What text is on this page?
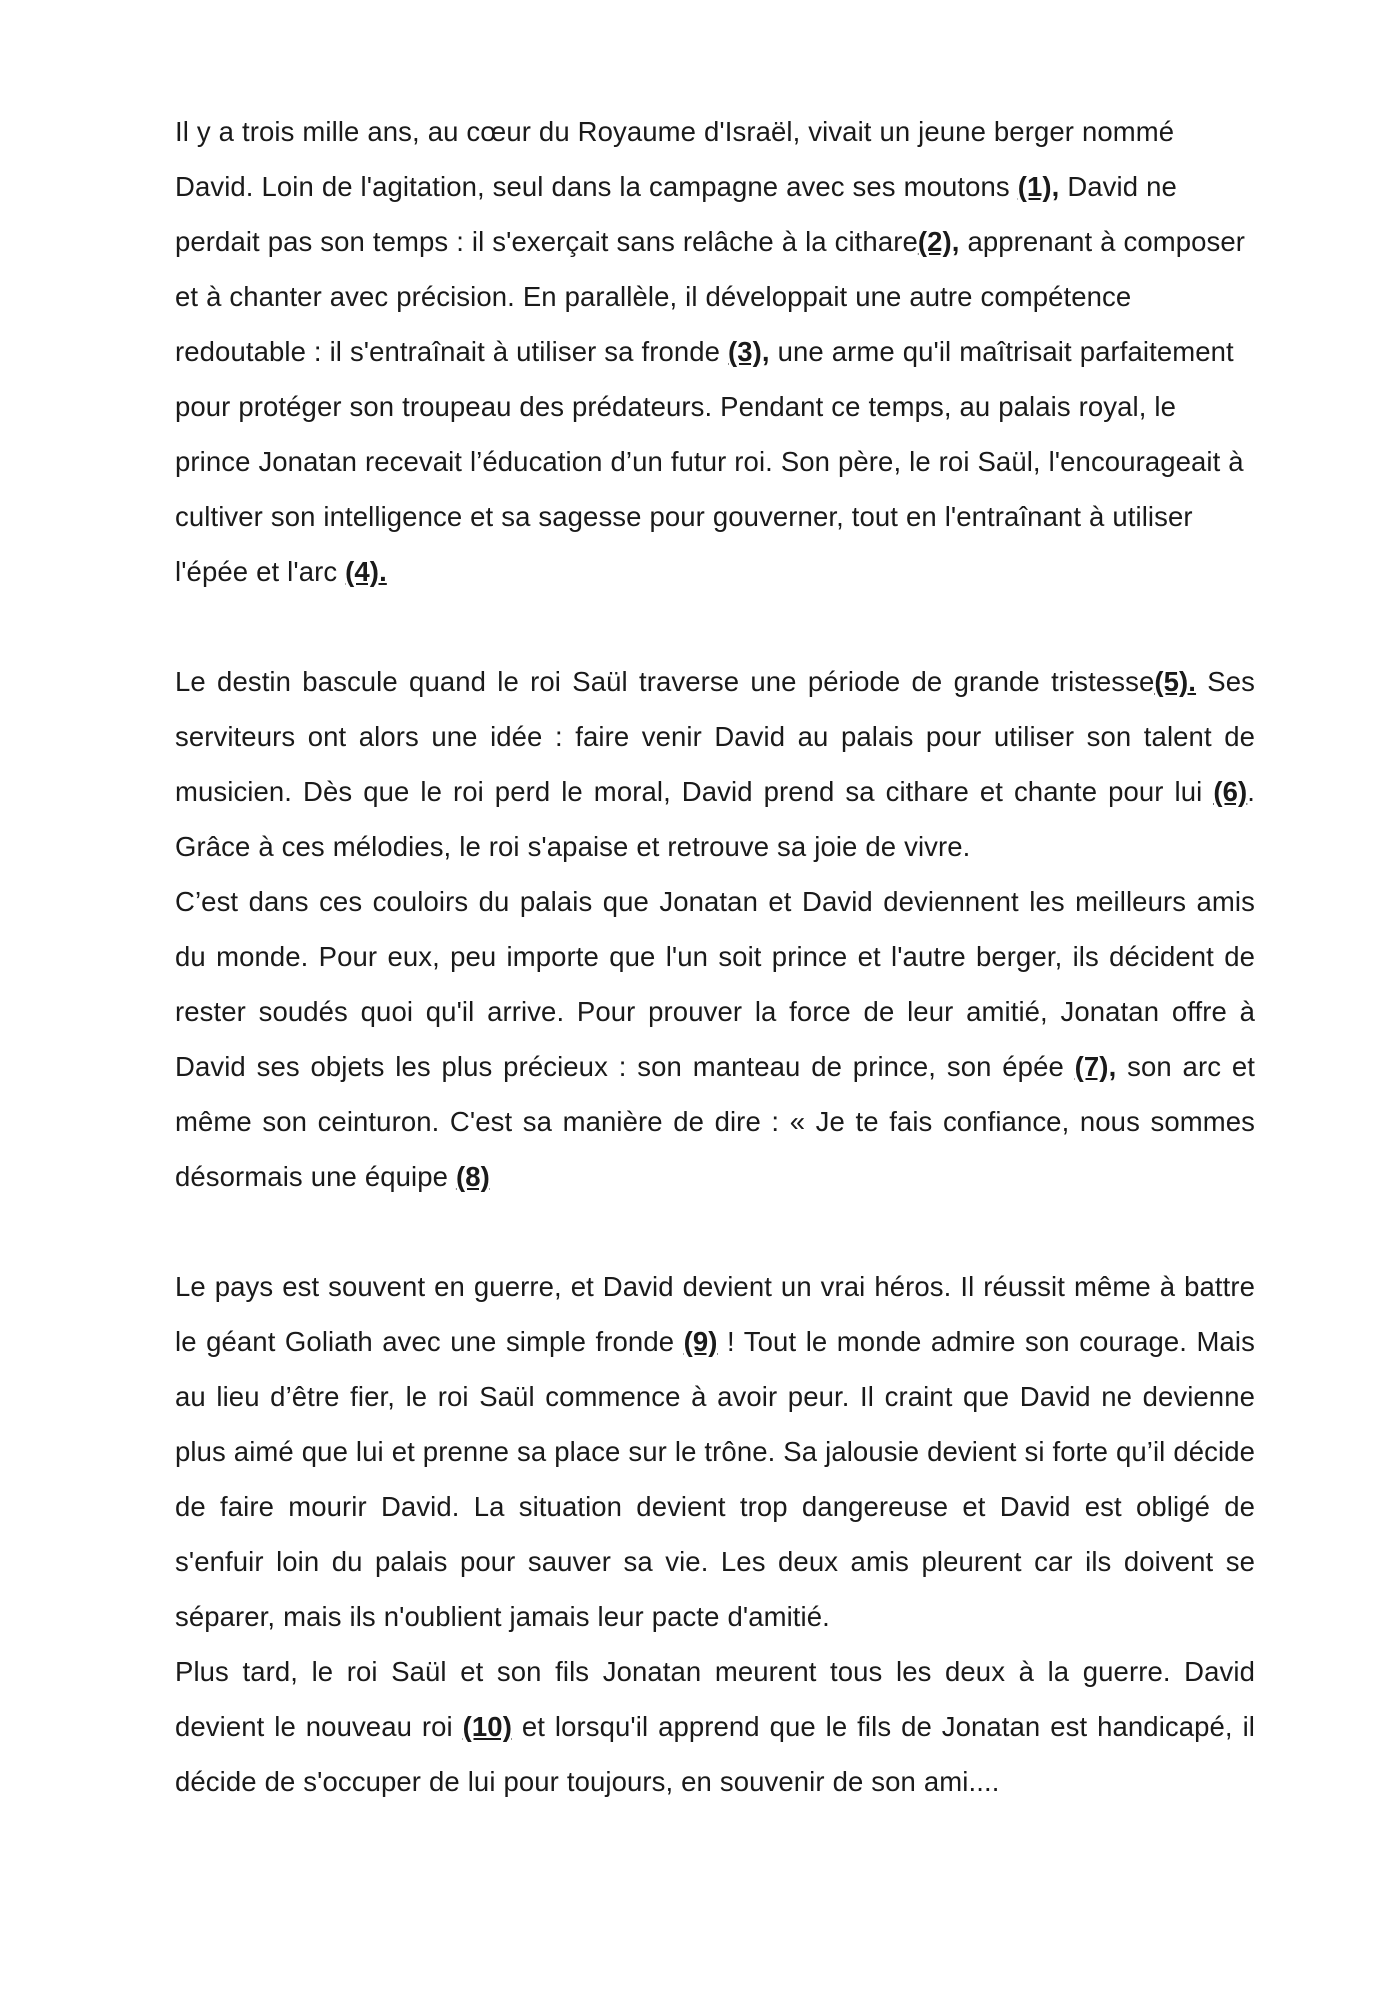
Il y a trois mille ans, au cœur du Royaume d'Israël, vivait un jeune berger nommé David. Loin de l'agitation, seul dans la campagne avec ses moutons (1), David ne perdait pas son temps : il s'exerçait sans relâche à la cithare(2), apprenant à composer et à chanter avec précision. En parallèle, il développait une autre compétence redoutable : il s'entraînait à utiliser sa fronde (3), une arme qu'il maîtrisait parfaitement pour protéger son troupeau des prédateurs. Pendant ce temps, au palais royal, le prince Jonatan recevait l’éducation d’un futur roi. Son père, le roi Saül, l'encourageait à cultiver son intelligence et sa sagesse pour gouverner, tout en l'entraînant à utiliser l'épée et l'arc (4).

Le destin bascule quand le roi Saül traverse une période de grande tristesse(5). Ses serviteurs ont alors une idée : faire venir David au palais pour utiliser son talent de musicien. Dès que le roi perd le moral, David prend sa cithare et chante pour lui (6). Grâce à ces mélodies, le roi s'apaise et retrouve sa joie de vivre.

C’est dans ces couloirs du palais que Jonatan et David deviennent les meilleurs amis du monde. Pour eux, peu importe que l'un soit prince et l'autre berger, ils décident de rester soudés quoi qu'il arrive. Pour prouver la force de leur amitié, Jonatan offre à David ses objets les plus précieux : son manteau de prince, son épée (7), son arc et même son ceinturon. C'est sa manière de dire : « Je te fais confiance, nous sommes désormais une équipe (8)

Le pays est souvent en guerre, et David devient un vrai héros. Il réussit même à battre le géant Goliath avec une simple fronde (9) ! Tout le monde admire son courage. Mais au lieu d’être fier, le roi Saül commence à avoir peur. Il craint que David ne devienne plus aimé que lui et prenne sa place sur le trône. Sa jalousie devient si forte qu’il décide de faire mourir David. La situation devient trop dangereuse et David est obligé de s'enfuir loin du palais pour sauver sa vie. Les deux amis pleurent car ils doivent se séparer, mais ils n'oublient jamais leur pacte d'amitié.

Plus tard, le roi Saül et son fils Jonatan meurent tous les deux à la guerre. David devient le nouveau roi (10) et lorsqu'il apprend que le fils de Jonatan est handicapé, il décide de s'occuper de lui pour toujours, en souvenir de son ami....
